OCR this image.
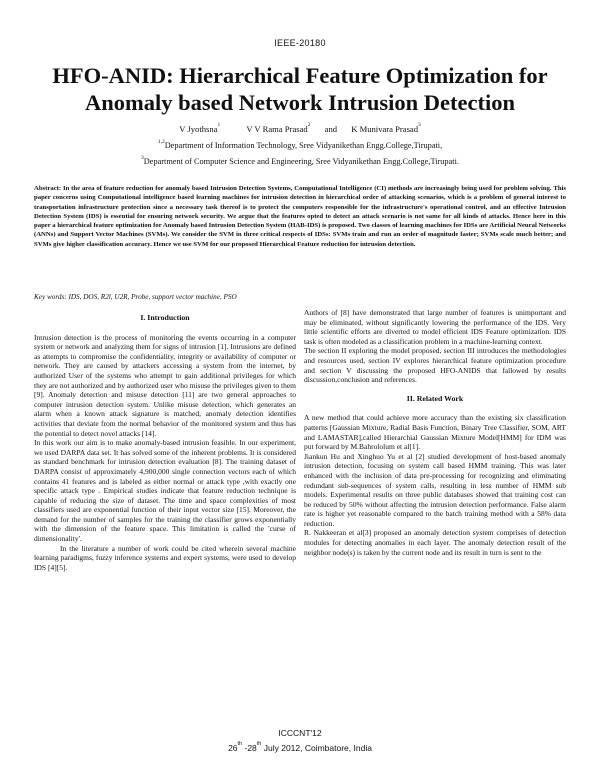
IEEE-20180
HFO-ANID: Hierarchical Feature Optimization for
Anomaly based Network Intrusion Detection
V Jyothsna$^1$	V V Rama Prasad$^2$ and K Munivara Prasad$^3$
$^{1,2}$Department of Information Technology, Sree Vidyanikethan Engg.College,Tirupati,
$^3$Department of Computer Science and Engineering, Sree Vidyanikethan Engg.College,Tirupati.
Abstract: In the area of feature reduction for anomaly based Intrusion Detection Systems, Computational Intelligence (CI) methods are increasingly being used for problem solving. This paper concerns using Computational intelligence based learning machines for intrusion detection in hierarchical order of attacking scenarios, which is a problem of general interest to transportation infrastructure protection since a necessary task thereof is to protect the computers responsible for the infrastructure's operational control, and an effective Intrusion Detection System (IDS) is essential for ensuring network security. We argue that the features opted to detect an attack scenario is not same for all kinds of attacks. Hence here in this paper a hierarchical feature optimization for Anomaly based Intrusion Detection System (HAB-IDS) is proposed. Two classes of learning machines for IDSs are Artificial Neural Networks (ANNs) and Support Vector Machines (SVMs). We consider the SVM in three critical respects of IDSs: SVMs train and run an order of magnitude faster; SVMs scale much better; and SVMs give higher classification accuracy. Hence we use SVM for our proposed Hierarchical Feature reduction for intrusion detection.
Key words: IDS, DOS, R2l, U2R, Probe, support vector machine, PSO
I. Introduction

Intrusion detection is the process of monitoring the events occurring in a computer system or network and analyzing them for signs of intrusion [1]. Intrusions are defined as attempts to compromise the confidentiality, integrity or availability of computer or network. They are caused by attackers accessing a system from the internet, by authorized User of the systems who attempt to gain additional privileges for which they are not authorized and by authorized user who misuse the privileges given to them [9]. Anomaly detection and misuse detection [11] are two general approaches to computer intrusion detection system. Unlike misuse detection, which generates an alarm when a known attack signature is matched, anomaly detection identifies activities that deviate from the normal behavior of the monitored system and thus has the potential to detect novel attacks [14].

In this work our aim is to make anomaly-based intrusion feasible. In our experiment, we used DARPA data set. It has solved some of the inherent problems. It is considered as standard benchmark for intrusion detection evaluation [8]. The training dataset of DARPA consist of approximately 4,900,000 single connection vectors each of which contains 41 features and is labeled as either normal or attack type ,with exactly one specific attack type . Empirical studies indicate that feature reduction technique is capable of reducing the size of dataset. The time and space complexities of most classifiers used are exponential function of their input vector size [15]. Moreover, the demand for the number of samples for the training the classifier grows exponentially with the dimension of the feature space. This limitation is called the 'curse of dimensionality'.

In the literature a number of work could be cited wherein several machine learning paradigms, fuzzy inference systems and expert systems, were used to develop IDS [4][5].

Authors of [8] have demonstrated that large number of features is unimportant and may be eliminated, without significantly lowering the performance of the IDS. Very little scientific efforts are diverted to model efficient IDS Feature optimization. IDS task is often modeled as a classification problem in a machine-learning context.

The section II exploring the model proposed, section III introduces the methodologies and resources used, section IV explores hierarchical feature optimization procedure and section V discussing the proposed HFO-ANIDS that fallowed by results discussion,conclusion and references.

II. Related Work

A new method that could achieve more accuracy than the existing six classification patterns [Gaussian Mixture, Radial Basis Function, Binary Tree Classifier, SOM, ART and LAMASTAR],called Hierarchial Gaussian Mixture Model[HMM] for IDM was put forward by M.Bahrololum et al[1].

Jiankun Hu and Xinghuo Yu et al [2] studied development of host-based anomaly intrusion detection, focusing on system call based HMM training. This was later enhanced with the inclusion of data pre-processing for recognizing and eliminating redundant sub-sequences of system calls, resulting in less number of HMM sub models. Experimental results on three public databases showed that training cost can be reduced by 50% without affecting the intrusion detection performance. False alarm rate is higher yet reasonable compared to the batch training method with a 58% data reduction.

R. Nakkeeran et al[3] proposed an anomaly detection system comprises of detection modules for detecting anomalies in each layer. The anomaly detection result of the neighbor node(s) is taken by the current node and its result in turn is sent to the

ICCCNT'12
26th -28th July 2012, Coimbatore, India
